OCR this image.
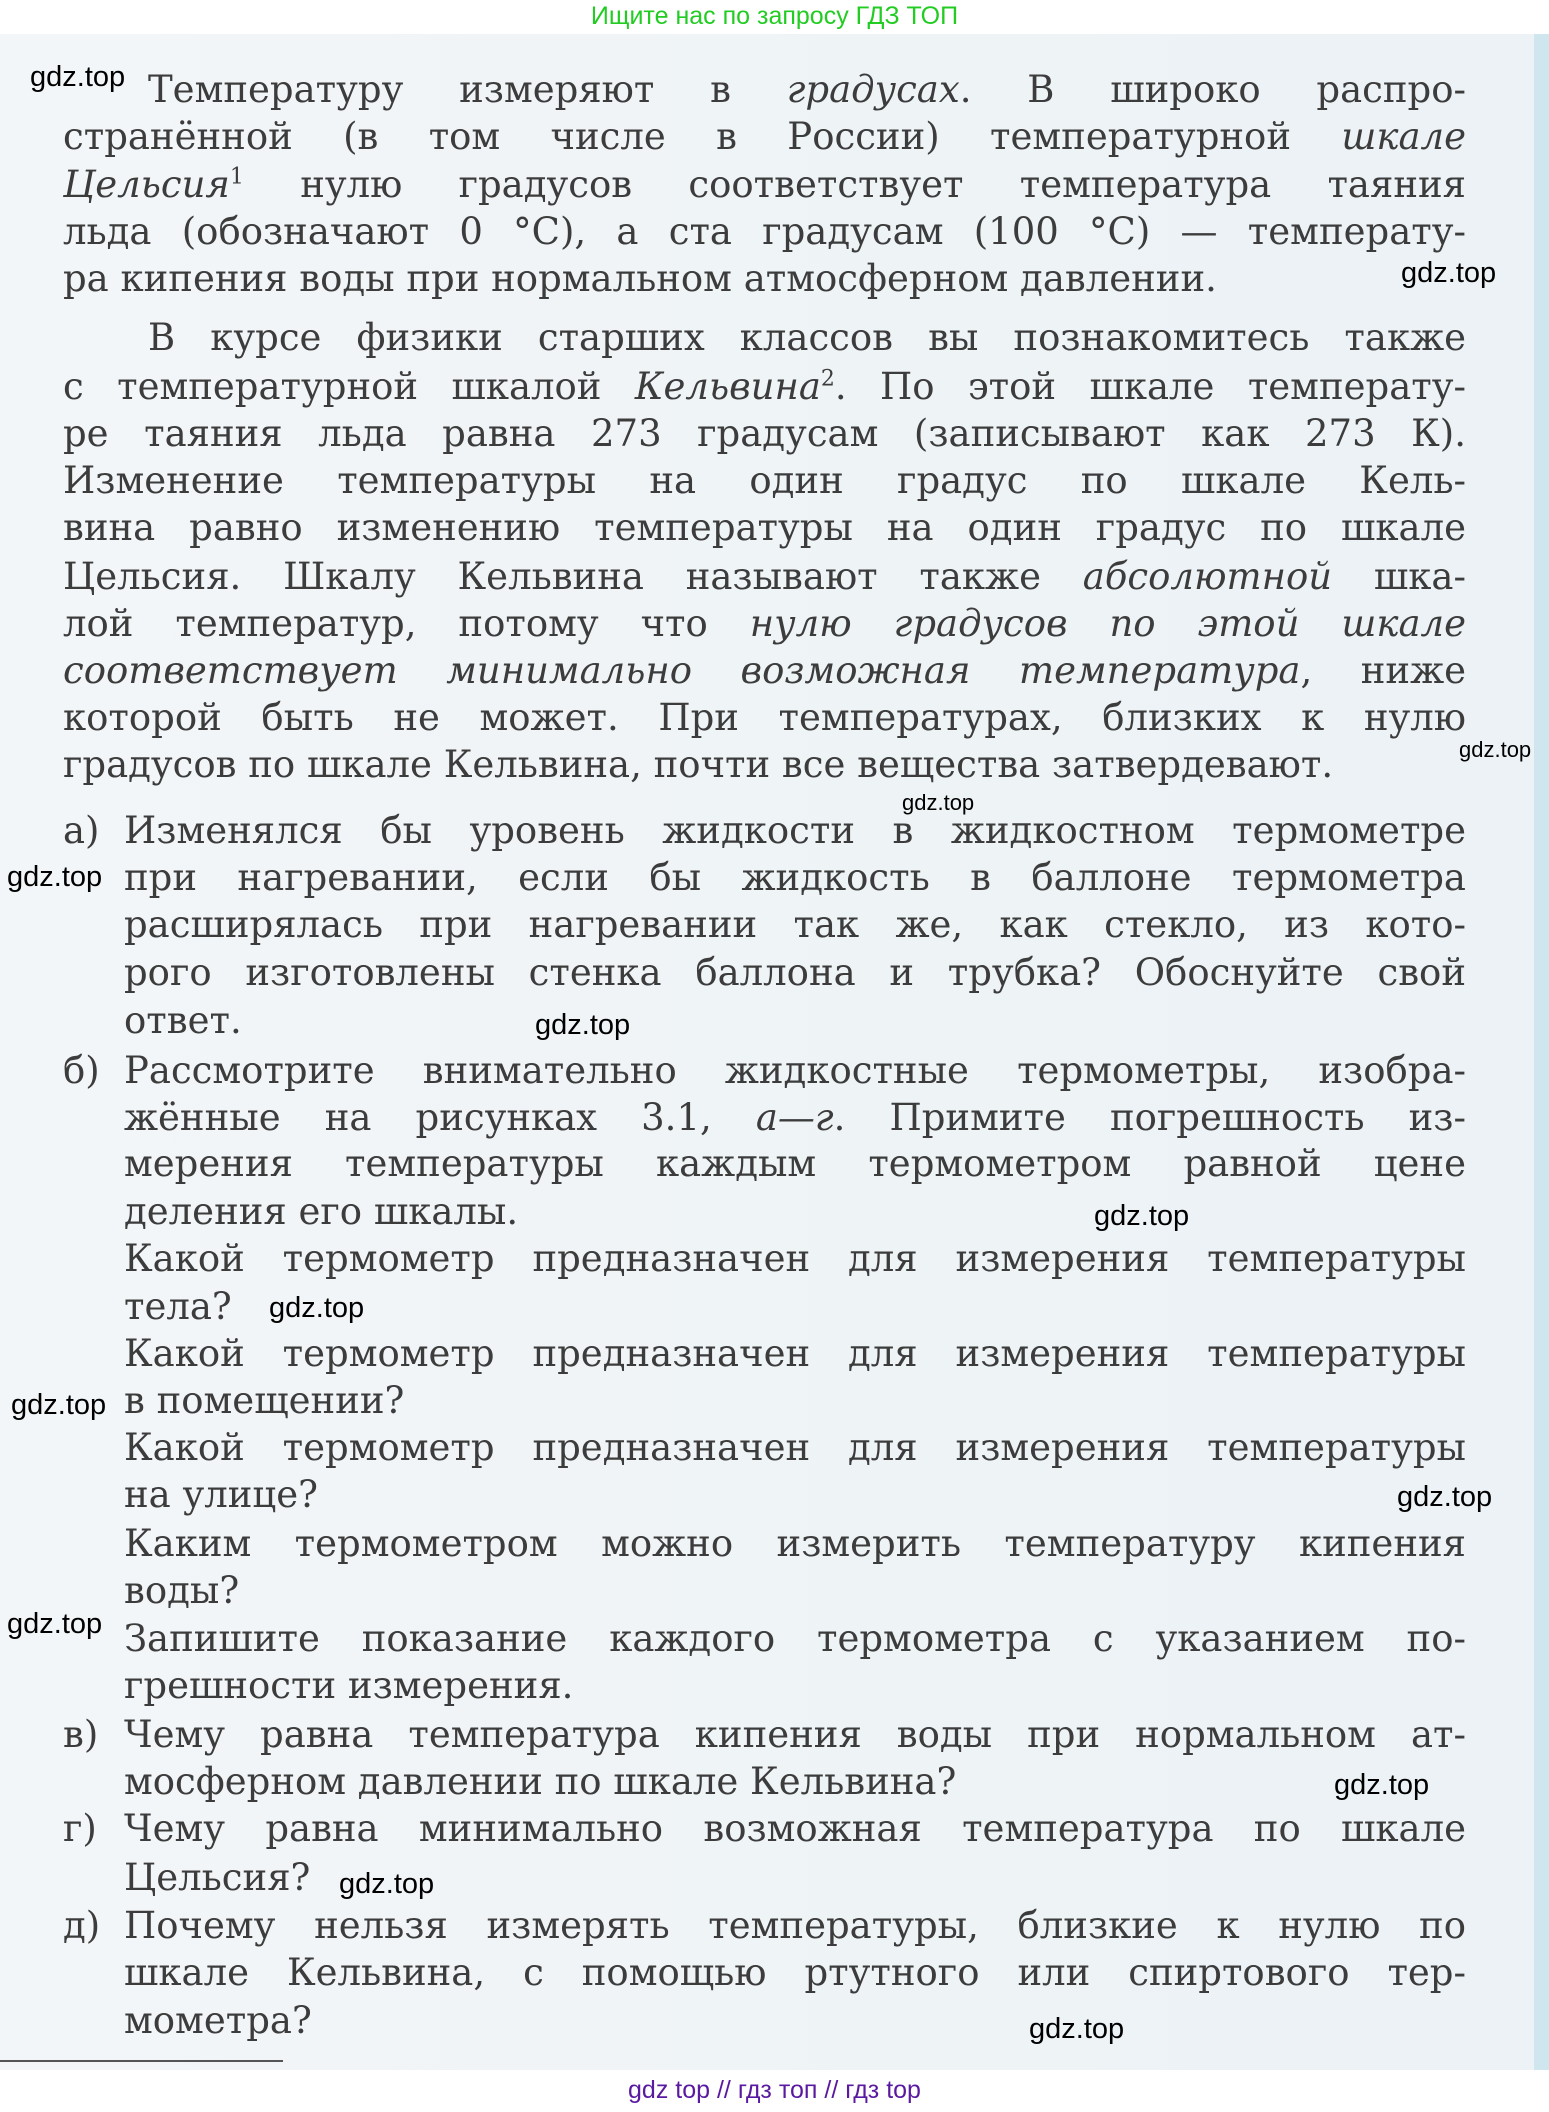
Ищите нас по запросу ГДЗ ТОП
Температуру измеряют в градусах. В широко распро-
странённой (в том числе в России) температурной шкале
Цельсия$^1$ нулю градусов соответствует температура таяния
льда (обозначают 0 °С), а ста градусам (100 °С) — температу-
ра кипения воды при нормальном атмосферном давлении.
В курсе физики старших классов вы познакомитесь также
с температурной шкалой Кельвина$^2$. По этой шкале температу-
ре таяния льда равна 273 градусам (записывают как 273 К).
Изменение температуры на один градус по шкале Кель-
вина равно изменению температуры на один градус по шкале
Цельсия. Шкалу Кельвина называют также абсолютной шка-
лой температур, потому что нулю градусов по этой шкале
соответствует минимально возможная температура, ниже
которой быть не может. При температурах, близких к нулю
градусов по шкале Кельвина, почти все вещества затвердевают.
Изменялся бы уровень жидкости в жидкостном термометре
при нагревании, если бы жидкость в баллоне термометра
расширялась при нагревании так же, как стекло, из кото-
рого изготовлены стенка баллона и трубка? Обоснуйте свой
ответ.
Рассмотрите внимательно жидкостные термометры, изобра-
жённые на рисунках 3.1, а—г. Примите погрешность из-
мерения температуры каждым термометром равной цене
деления его шкалы.
Какой термометр предназначен для измерения температуры
тела?
Какой термометр предназначен для измерения температуры
в помещении?
Какой термометр предназначен для измерения температуры
на улице?
Каким термометром можно измерить температуру кипения
воды?
Запишите показание каждого термометра с указанием по-
грешности измерения.
Чему равна температура кипения воды при нормальном ат-
мосферном давлении по шкале Кельвина?
Чему равна минимально возможная температура по шкале
Цельсия?
Почему нельзя измерять температуры, близкие к нулю по
шкале Кельвина, с помощью ртутного или спиртового тер-
мометра?
а)
б)
в)
г)
д)
gdz.top
gdz.top
gdz.top
gdz.top
gdz.top
gdz.top
gdz.top
gdz.top
gdz.top
gdz.top
gdz.top
gdz.top
gdz.top
gdz.top
gdz top // гдз топ // гдз top
